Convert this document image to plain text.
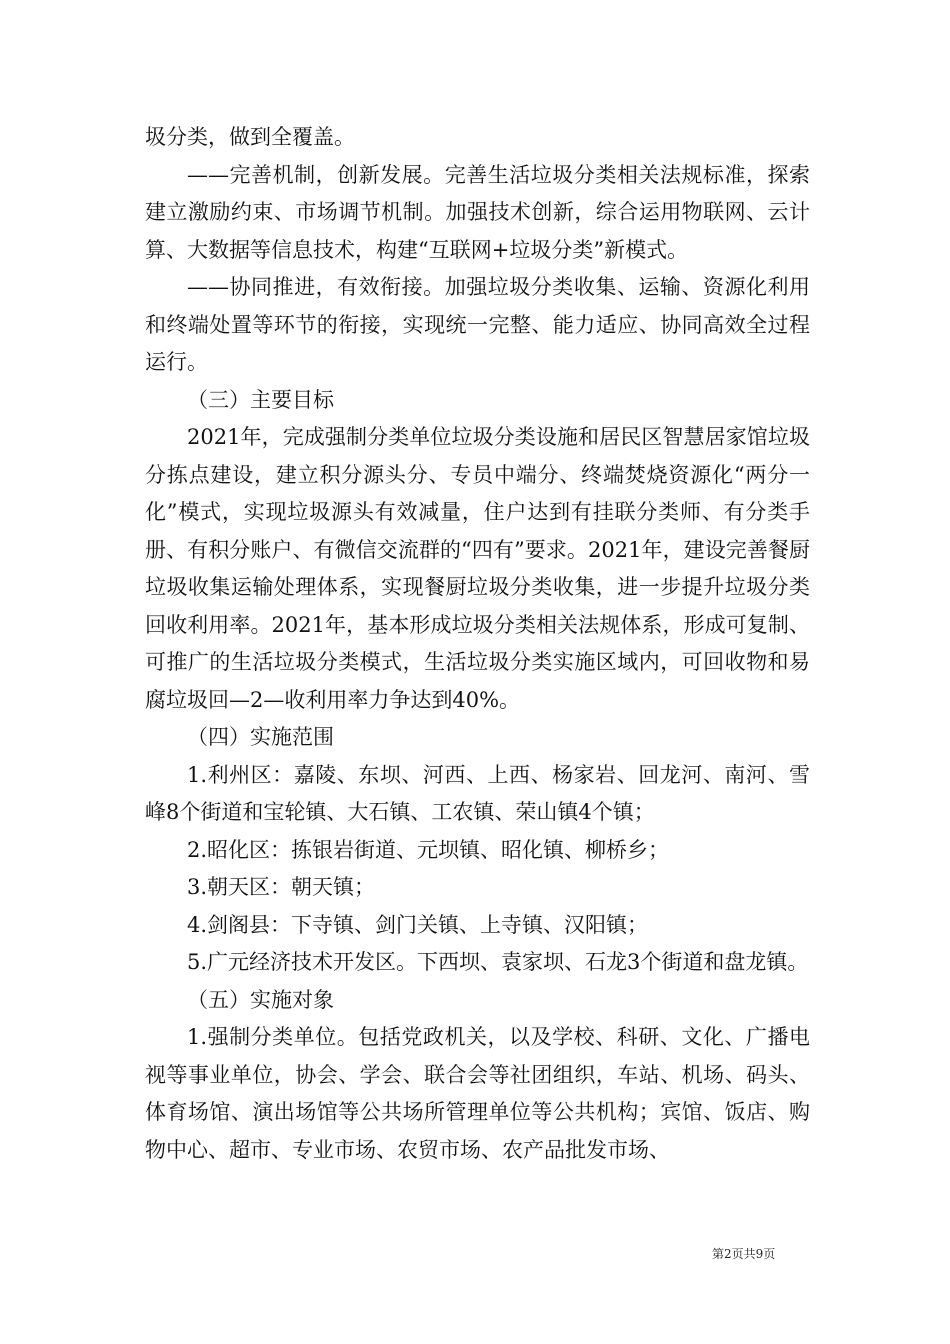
圾分类，做到全覆盖。

——完善机制，创新发展。完善生活垃圾分类相关法规标准，探索建立激励约束、市场调节机制。加强技术创新，综合运用物联网、云计算、大数据等信息技术，构建“互联网+垃圾分类”新模式。

——协同推进，有效衔接。加强垃圾分类收集、运输、资源化利用和终端处置等环节的衔接，实现统一完整、能力适应、协同高效全过程运行。

（三）主要目标

2021年，完成强制分类单位垃圾分类设施和居民区智慧居家馆垃圾分拣点建设，建立积分源头分、专员中端分、终端焚烧资源化“两分一化”模式，实现垃圾源头有效减量，住户达到有挂联分类师、有分类手册、有积分账户、有微信交流群的“四有”要求。2021年，建设完善餐厨垃圾收集运输处理体系，实现餐厨垃圾分类收集，进一步提升垃圾分类回收利用率。2021年，基本形成垃圾分类相关法规体系，形成可复制、可推广的生活垃圾分类模式，生活垃圾分类实施区域内，可回收物和易腐垃圾回—2—收利用率力争达到40%。

（四）实施范围

1.利州区：嘉陵、东坝、河西、上西、杨家岩、回龙河、南河、雪峰8个街道和宝轮镇、大石镇、工农镇、荣山镇4个镇；

2.昭化区：拣银岩街道、元坝镇、昭化镇、柳桥乡；

3.朝天区：朝天镇；

4.剑阁县：下寺镇、剑门关镇、上寺镇、汉阳镇；

5.广元经济技术开发区。下西坝、袁家坝、石龙3个街道和盘龙镇。

（五）实施对象

1.强制分类单位。包括党政机关，以及学校、科研、文化、广播电视等事业单位，协会、学会、联合会等社团组织，车站、机场、码头、体育场馆、演出场馆等公共场所管理单位等公共机构；宾馆、饭店、购物中心、超市、专业市场、农贸市场、农产品批发市场、

第2页共9页
